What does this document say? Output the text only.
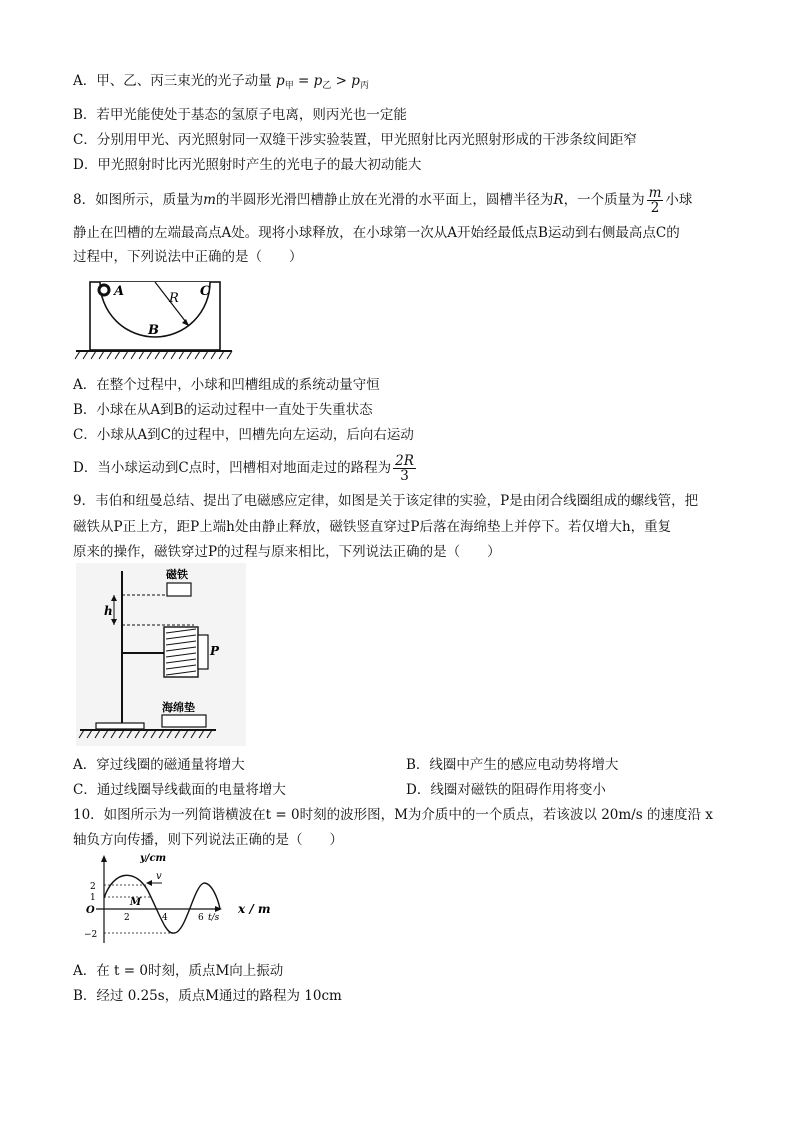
A．甲、乙、丙三束光的光子动量 $p_甲 = p_乙 > p_丙$
B．若甲光能使处于基态的氢原子电离，则丙光也一定能
C．分别用甲光、丙光照射同一双缝干涉实验装置，甲光照射比丙光照射形成的干涉条纹间距窄
D．甲光照射时比丙光照射时产生的光电子的最大初动能大
8．如图所示，质量为m的半圆形光滑凹槽静止放在光滑的水平面上，圆槽半径为R，一个质量为 $\frac{m}{2}$ 小球
静止在凹槽的左端最高点A处。现将小球释放，在小球第一次从A开始经最低点B运动到右侧最高点C的
过程中，下列说法中正确的是（　　）
A	C
R
B
A．在整个过程中，小球和凹槽组成的系统动量守恒
B．小球在从A到B的运动过程中一直处于失重状态
C．小球从A到C的过程中，凹槽先向左运动，后向右运动
D．当小球运动到C点时，凹槽相对地面走过的路程为 $\frac{2R}{3}$
9．韦伯和纽曼总结、提出了电磁感应定律，如图是关于该定律的实验，P是由闭合线圈组成的螺线管，把
磁铁从P正上方，距P上端h处由静止释放，磁铁竖直穿过P后落在海绵垫上并停下。若仅增大h，重复
原来的操作，磁铁穿过P的过程与原来相比，下列说法正确的是（　　）
磁铁
h
P
海绵垫
A．穿过线圈的磁通量将增大	B．线圈中产生的感应电动势将增大
C．通过线圈导线截面的电量将增大	D．线圈对磁铁的阻碍作用将变小
10．如图所示为一列简谐横波在t = 0时刻的波形图，M为介质中的一个质点，若该波以 20m/s 的速度沿 x
轴负方向传播，则下列说法正确的是（　　）
y/cm
v
M
O
2
1
−2
2	4	6 t/s
x / m
A．在 t = 0时刻，质点M向上振动
B．经过 0.25s，质点M通过的路程为 10cm
